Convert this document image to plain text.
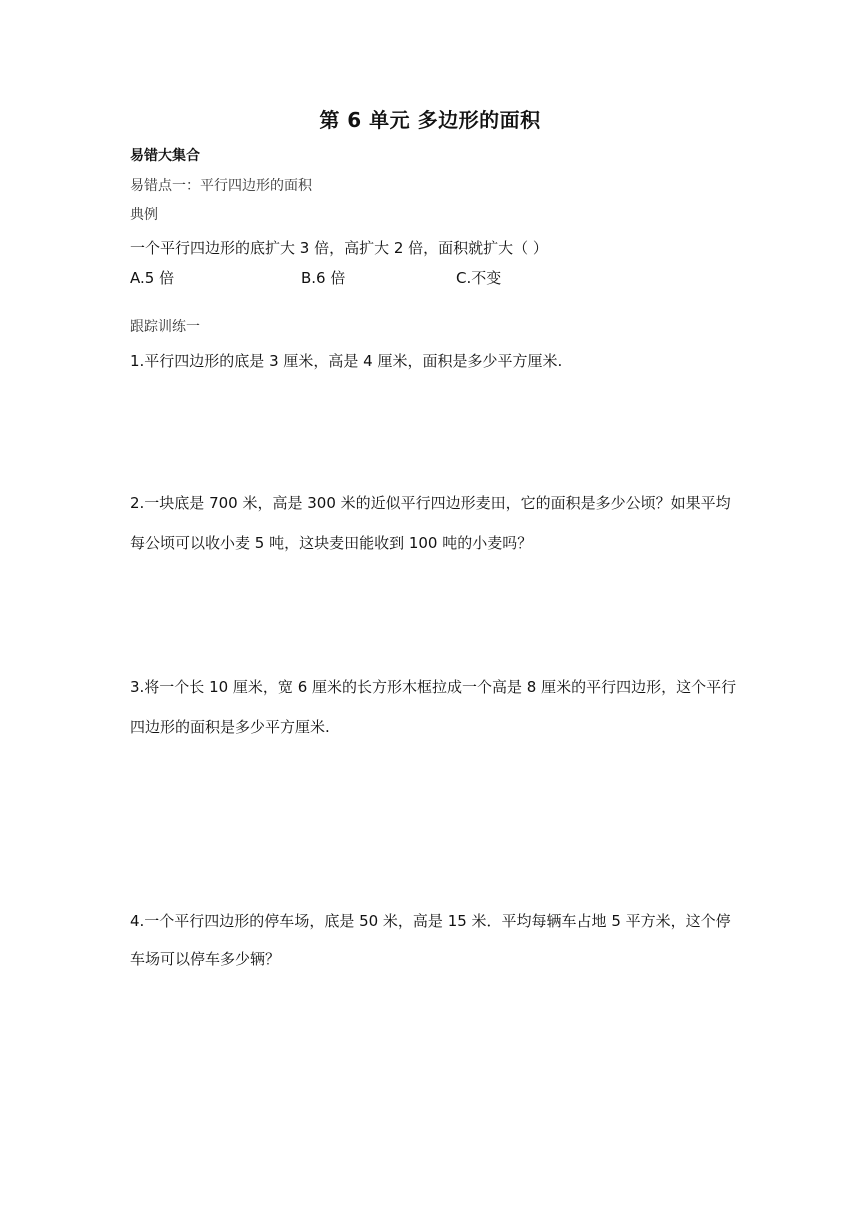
第 6 单元 多边形的面积
易错大集合
易错点一：平行四边形的面积
典例
一个平行四边形的底扩大 3 倍，高扩大 2 倍，面积就扩大（ ）
A.5 倍	B.6 倍	C.不变
跟踪训练一
1.平行四边形的底是 3 厘米，高是 4 厘米，面积是多少平方厘米.
2.一块底是 700 米，高是 300 米的近似平行四边形麦田，它的面积是多少公顷？如果平均
每公顷可以收小麦 5 吨，这块麦田能收到 100 吨的小麦吗？
3.将一个长 10 厘米，宽 6 厘米的长方形木框拉成一个高是 8 厘米的平行四边形，这个平行
四边形的面积是多少平方厘米.
4.一个平行四边形的停车场，底是 50 米，高是 15 米．平均每辆车占地 5 平方米，这个停
车场可以停车多少辆？
